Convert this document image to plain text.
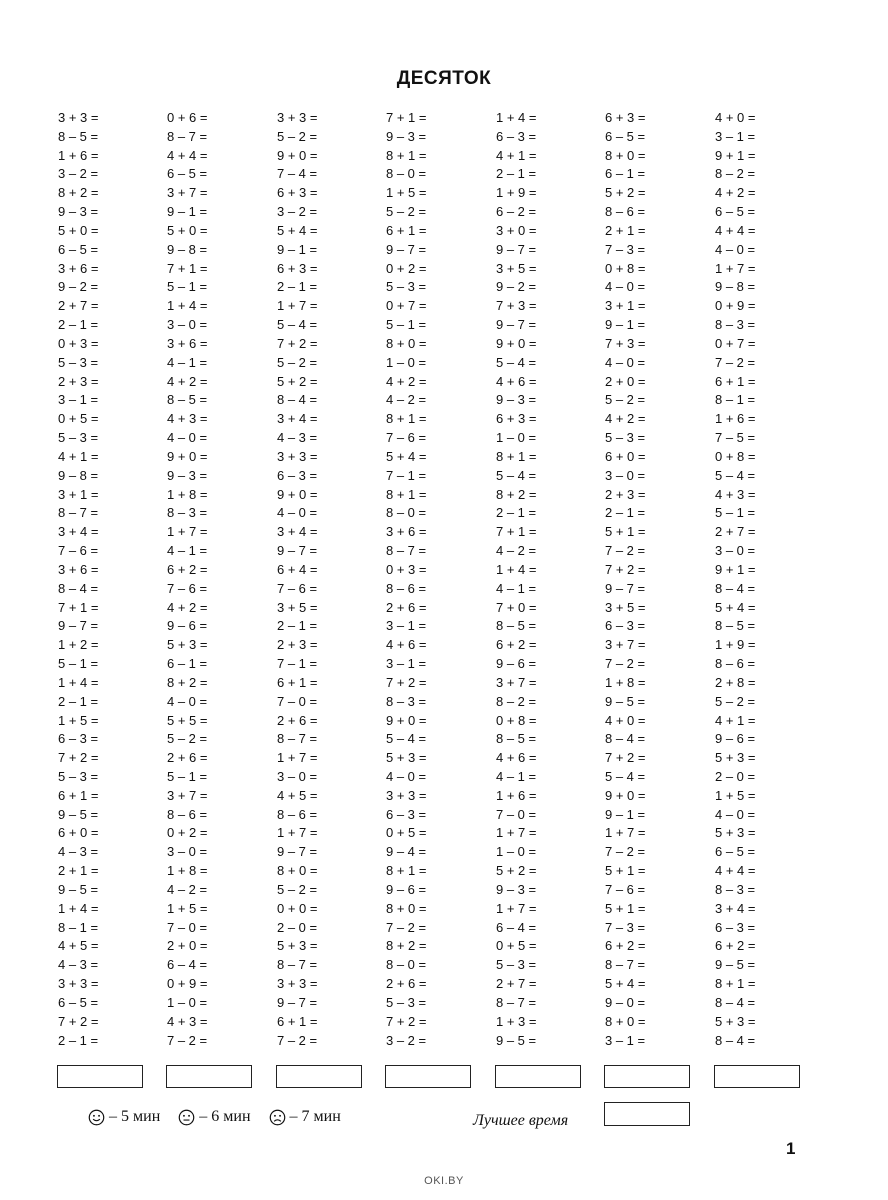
ДЕСЯТОК
3 + 3 =
8 – 5 =
1 + 6 =
3 – 2 =
8 + 2 =
9 – 3 =
5 + 0 =
6 – 5 =
3 + 6 =
9 – 2 =
2 + 7 =
2 – 1 =
0 + 3 =
5 – 3 =
2 + 3 =
3 – 1 =
0 + 5 =
5 – 3 =
4 + 1 =
9 – 8 =
3 + 1 =
8 – 7 =
3 + 4 =
7 – 6 =
3 + 6 =
8 – 4 =
7 + 1 =
9 – 7 =
1 + 2 =
5 – 1 =
1 + 4 =
2 – 1 =
1 + 5 =
6 – 3 =
7 + 2 =
5 – 3 =
6 + 1 =
9 – 5 =
6 + 0 =
4 – 3 =
2 + 1 =
9 – 5 =
1 + 4 =
8 – 1 =
4 + 5 =
4 – 3 =
3 + 3 =
6 – 5 =
7 + 2 =
2 – 1 =
0 + 6 =
8 – 7 =
4 + 4 =
6 – 5 =
3 + 7 =
9 – 1 =
5 + 0 =
9 – 8 =
7 + 1 =
5 – 1 =
1 + 4 =
3 – 0 =
3 + 6 =
4 – 1 =
4 + 2 =
8 – 5 =
4 + 3 =
4 – 0 =
9 + 0 =
9 – 3 =
1 + 8 =
8 – 3 =
1 + 7 =
4 – 1 =
6 + 2 =
7 – 6 =
4 + 2 =
9 – 6 =
5 + 3 =
6 – 1 =
8 + 2 =
4 – 0 =
5 + 5 =
5 – 2 =
2 + 6 =
5 – 1 =
3 + 7 =
8 – 6 =
0 + 2 =
3 – 0 =
1 + 8 =
4 – 2 =
1 + 5 =
7 – 0 =
2 + 0 =
6 – 4 =
0 + 9 =
1 – 0 =
4 + 3 =
7 – 2 =
3 + 3 =
5 – 2 =
9 + 0 =
7 – 4 =
6 + 3 =
3 – 2 =
5 + 4 =
9 – 1 =
6 + 3 =
2 – 1 =
1 + 7 =
5 – 4 =
7 + 2 =
5 – 2 =
5 + 2 =
8 – 4 =
3 + 4 =
4 – 3 =
3 + 3 =
6 – 3 =
9 + 0 =
4 – 0 =
3 + 4 =
9 – 7 =
6 + 4 =
7 – 6 =
3 + 5 =
2 – 1 =
2 + 3 =
7 – 1 =
6 + 1 =
7 – 0 =
2 + 6 =
8 – 7 =
1 + 7 =
3 – 0 =
4 + 5 =
8 – 6 =
1 + 7 =
9 – 7 =
8 + 0 =
5 – 2 =
0 + 0 =
2 – 0 =
5 + 3 =
8 – 7 =
3 + 3 =
9 – 7 =
6 + 1 =
7 – 2 =
7 + 1 =
9 – 3 =
8 + 1 =
8 – 0 =
1 + 5 =
5 – 2 =
6 + 1 =
9 – 7 =
0 + 2 =
5 – 3 =
0 + 7 =
5 – 1 =
8 + 0 =
1 – 0 =
4 + 2 =
4 – 2 =
8 + 1 =
7 – 6 =
5 + 4 =
7 – 1 =
8 + 1 =
8 – 0 =
3 + 6 =
8 – 7 =
0 + 3 =
8 – 6 =
2 + 6 =
3 – 1 =
4 + 6 =
3 – 1 =
7 + 2 =
8 – 3 =
9 + 0 =
5 – 4 =
5 + 3 =
4 – 0 =
3 + 3 =
6 – 3 =
0 + 5 =
9 – 4 =
8 + 1 =
9 – 6 =
8 + 0 =
7 – 2 =
8 + 2 =
8 – 0 =
2 + 6 =
5 – 3 =
7 + 2 =
3 – 2 =
1 + 4 =
6 – 3 =
4 + 1 =
2 – 1 =
1 + 9 =
6 – 2 =
3 + 0 =
9 – 7 =
3 + 5 =
9 – 2 =
7 + 3 =
9 – 7 =
9 + 0 =
5 – 4 =
4 + 6 =
9 – 3 =
6 + 3 =
1 – 0 =
8 + 1 =
5 – 4 =
8 + 2 =
2 – 1 =
7 + 1 =
4 – 2 =
1 + 4 =
4 – 1 =
7 + 0 =
8 – 5 =
6 + 2 =
9 – 6 =
3 + 7 =
8 – 2 =
0 + 8 =
8 – 5 =
4 + 6 =
4 – 1 =
1 + 6 =
7 – 0 =
1 + 7 =
1 – 0 =
5 + 2 =
9 – 3 =
1 + 7 =
6 – 4 =
0 + 5 =
5 – 3 =
2 + 7 =
8 – 7 =
1 + 3 =
9 – 5 =
6 + 3 =
6 – 5 =
8 + 0 =
6 – 1 =
5 + 2 =
8 – 6 =
2 + 1 =
7 – 3 =
0 + 8 =
4 – 0 =
3 + 1 =
9 – 1 =
7 + 3 =
4 – 0 =
2 + 0 =
5 – 2 =
4 + 2 =
5 – 3 =
6 + 0 =
3 – 0 =
2 + 3 =
2 – 1 =
5 + 1 =
7 – 2 =
7 + 2 =
9 – 7 =
3 + 5 =
6 – 3 =
3 + 7 =
7 – 2 =
1 + 8 =
9 – 5 =
4 + 0 =
8 – 4 =
7 + 2 =
5 – 4 =
9 + 0 =
9 – 1 =
1 + 7 =
7 – 2 =
5 + 1 =
7 – 6 =
5 + 1 =
7 – 3 =
6 + 2 =
8 – 7 =
5 + 4 =
9 – 0 =
8 + 0 =
3 – 1 =
4 + 0 =
3 – 1 =
9 + 1 =
8 – 2 =
4 + 2 =
6 – 5 =
4 + 4 =
4 – 0 =
1 + 7 =
9 – 8 =
0 + 9 =
8 – 3 =
0 + 7 =
7 – 2 =
6 + 1 =
8 – 1 =
1 + 6 =
7 – 5 =
0 + 8 =
5 – 4 =
4 + 3 =
5 – 1 =
2 + 7 =
3 – 0 =
9 + 1 =
8 – 4 =
5 + 4 =
8 – 5 =
1 + 9 =
8 – 6 =
2 + 8 =
5 – 2 =
4 + 1 =
9 – 6 =
5 + 3 =
2 – 0 =
1 + 5 =
4 – 0 =
5 + 3 =
6 – 5 =
4 + 4 =
8 – 3 =
3 + 4 =
6 – 3 =
6 + 2 =
9 – 5 =
8 + 1 =
8 – 4 =
5 + 3 =
8 – 4 =
– 5 мин – 6 мин – 7 мин	Лучшее время
1
OKI.BY
